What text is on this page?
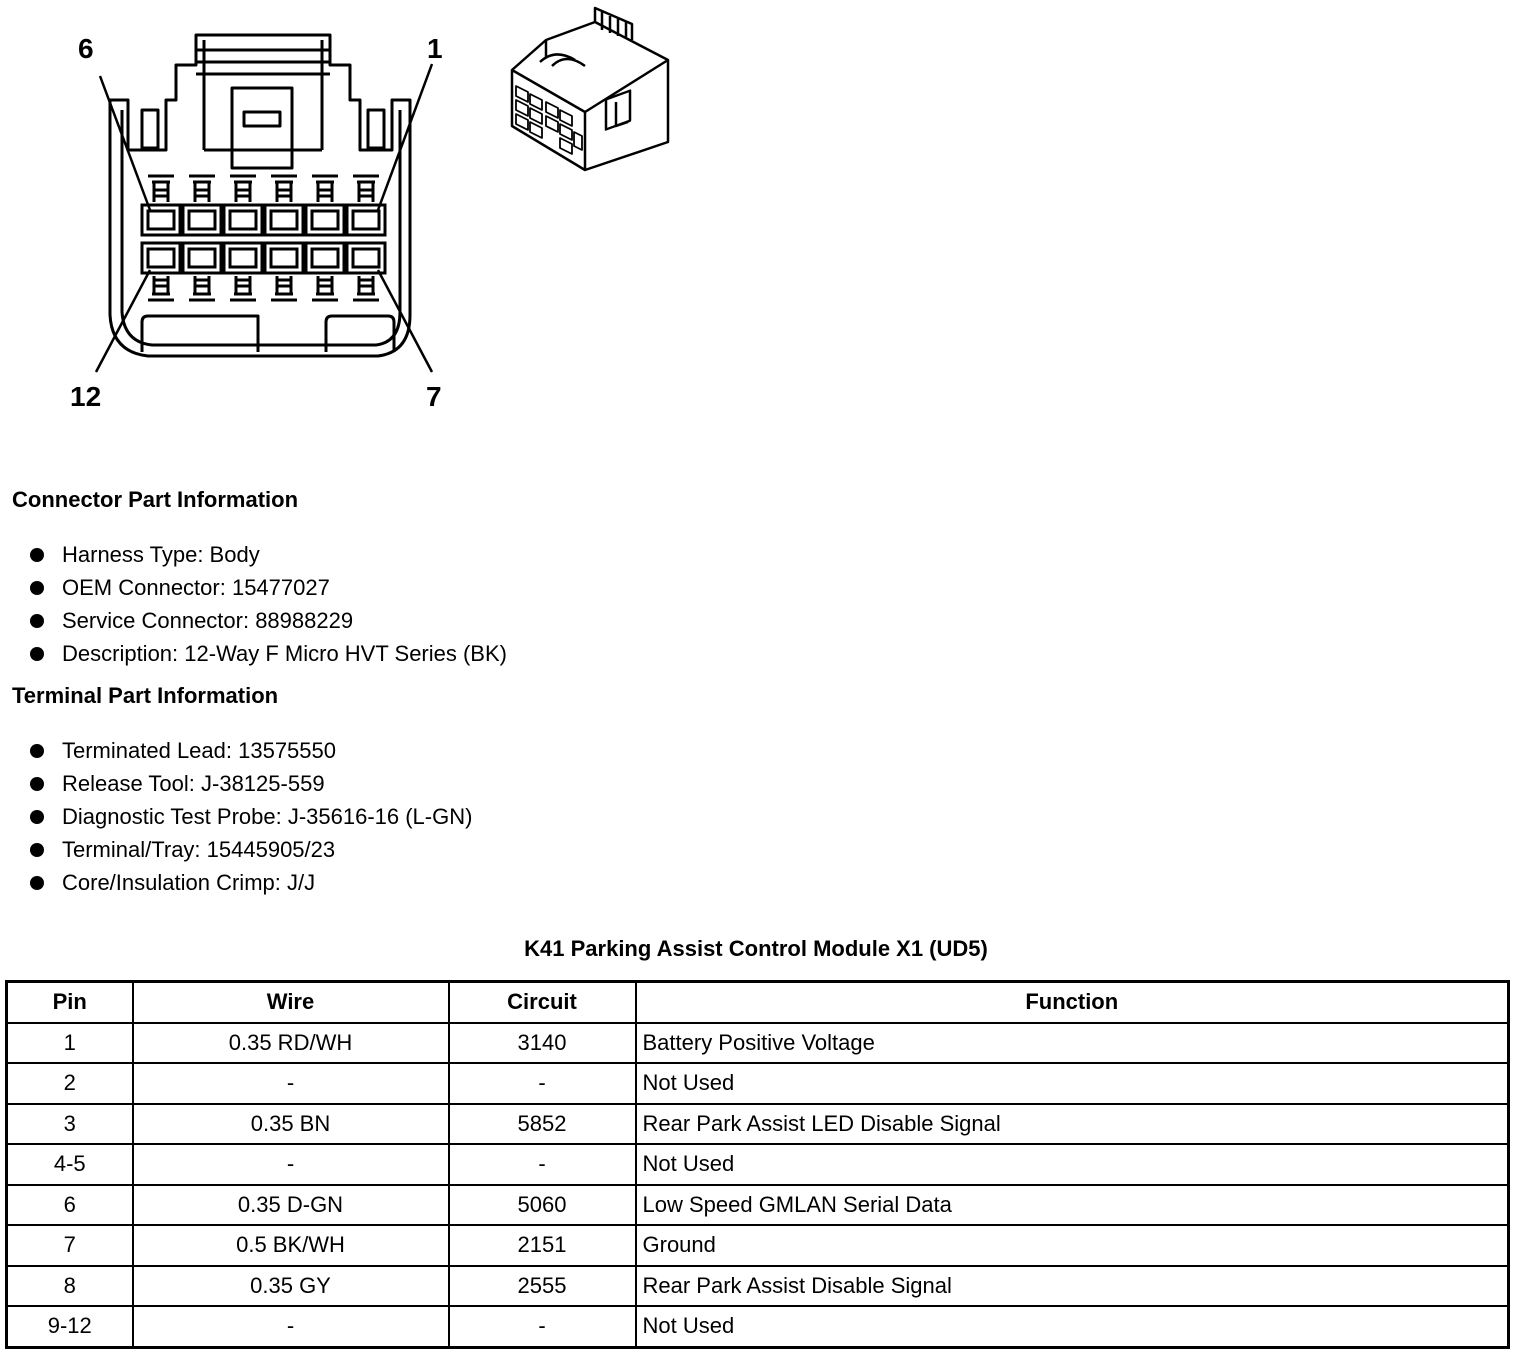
6	1
12	7
Connector Part Information
Harness Type: Body
OEM Connector: 15477027
Service Connector: 88988229
Description: 12-Way F Micro HVT Series (BK)
Terminal Part Information
Terminated Lead: 13575550
Release Tool: J-38125-559
Diagnostic Test Probe: J-35616-16 (L-GN)
Terminal/Tray: 15445905/23
Core/Insulation Crimp: J/J
K41 Parking Assist Control Module X1 (UD5)
Pin	Wire	Circuit	Function
1	0.35 RD/WH	3140	Battery Positive Voltage
2	-	-	Not Used
3	0.35 BN	5852	Rear Park Assist LED Disable Signal
4-5	-	-	Not Used
6	0.35 D-GN	5060	Low Speed GMLAN Serial Data
7	0.5 BK/WH	2151	Ground
8	0.35 GY	2555	Rear Park Assist Disable Signal
9-12	-	-	Not Used
